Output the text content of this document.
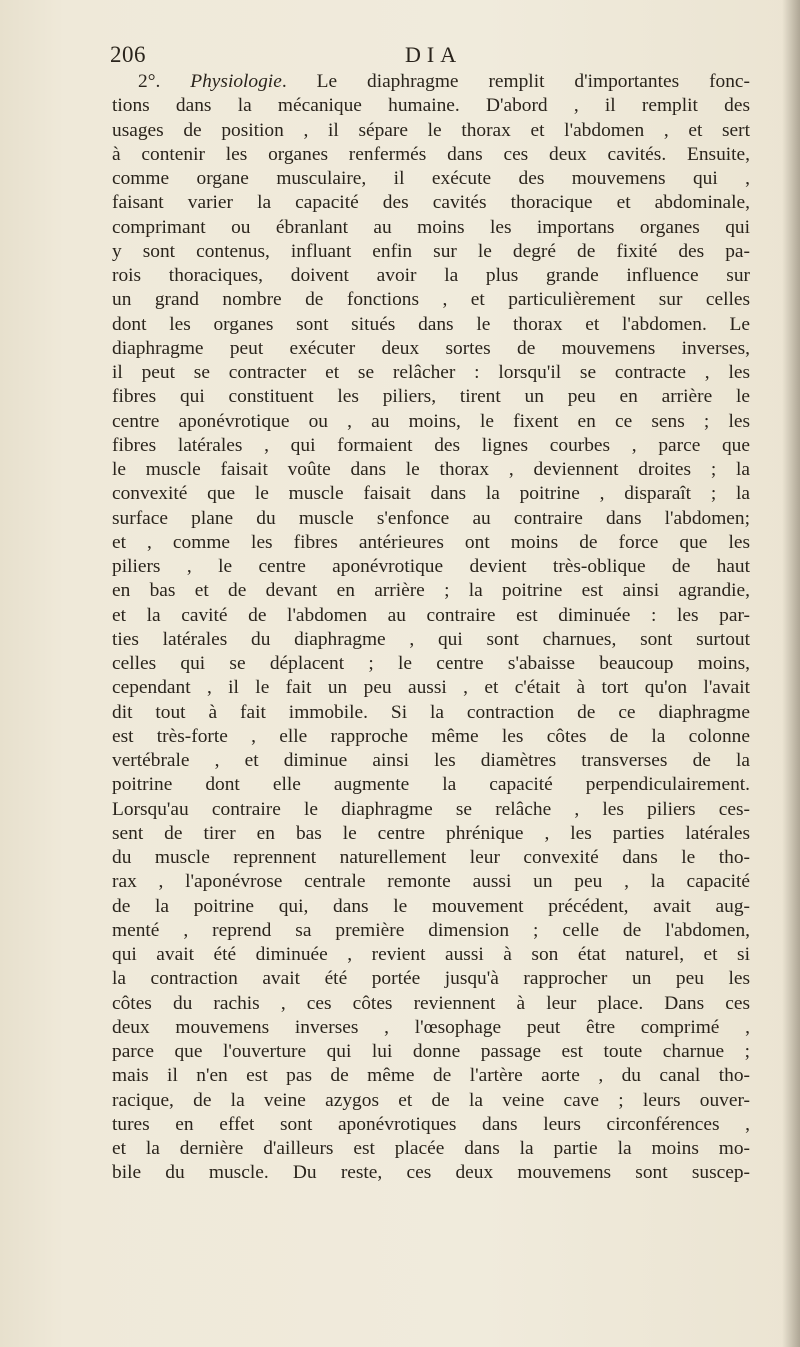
206	DIA
2°. Physiologie. Le diaphragme remplit d'importantes fonc-
tions dans la mécanique humaine. D'abord , il remplit des
usages de position , il sépare le thorax et l'abdomen , et sert
à contenir les organes renfermés dans ces deux cavités. Ensuite,
comme organe musculaire, il exécute des mouvemens qui ,
faisant varier la capacité des cavités thoracique et abdominale,
comprimant ou ébranlant au moins les importans organes qui
y sont contenus, influant enfin sur le degré de fixité des pa-
rois thoraciques, doivent avoir la plus grande influence sur
un grand nombre de fonctions , et particulièrement sur celles
dont les organes sont situés dans le thorax et l'abdomen. Le
diaphragme peut exécuter deux sortes de mouvemens inverses,
il peut se contracter et se relâcher : lorsqu'il se contracte , les
fibres qui constituent les piliers, tirent un peu en arrière le
centre aponévrotique ou , au moins, le fixent en ce sens ; les
fibres latérales , qui formaient des lignes courbes , parce que
le muscle faisait voûte dans le thorax , deviennent droites ; la
convexité que le muscle faisait dans la poitrine , disparaît ; la
surface plane du muscle s'enfonce au contraire dans l'abdomen;
et , comme les fibres antérieures ont moins de force que les
piliers , le centre aponévrotique devient très-oblique de haut
en bas et de devant en arrière ; la poitrine est ainsi agrandie,
et la cavité de l'abdomen au contraire est diminuée : les par-
ties latérales du diaphragme , qui sont charnues, sont surtout
celles qui se déplacent ; le centre s'abaisse beaucoup moins,
cependant , il le fait un peu aussi , et c'était à tort qu'on l'avait
dit tout à fait immobile. Si la contraction de ce diaphragme
est très-forte , elle rapproche même les côtes de la colonne
vertébrale , et diminue ainsi les diamètres transverses de la
poitrine dont elle augmente la capacité perpendiculairement.
Lorsqu'au contraire le diaphragme se relâche , les piliers ces-
sent de tirer en bas le centre phrénique , les parties latérales
du muscle reprennent naturellement leur convexité dans le tho-
rax , l'aponévrose centrale remonte aussi un peu , la capacité
de la poitrine qui, dans le mouvement précédent, avait aug-
menté , reprend sa première dimension ; celle de l'abdomen,
qui avait été diminuée , revient aussi à son état naturel, et si
la contraction avait été portée jusqu'à rapprocher un peu les
côtes du rachis , ces côtes reviennent à leur place. Dans ces
deux mouvemens inverses , l'œsophage peut être comprimé ,
parce que l'ouverture qui lui donne passage est toute charnue ;
mais il n'en est pas de même de l'artère aorte , du canal tho-
racique, de la veine azygos et de la veine cave ; leurs ouver-
tures en effet sont aponévrotiques dans leurs circonférences ,
et la dernière d'ailleurs est placée dans la partie la moins mo-
bile du muscle. Du reste, ces deux mouvemens sont suscep-
